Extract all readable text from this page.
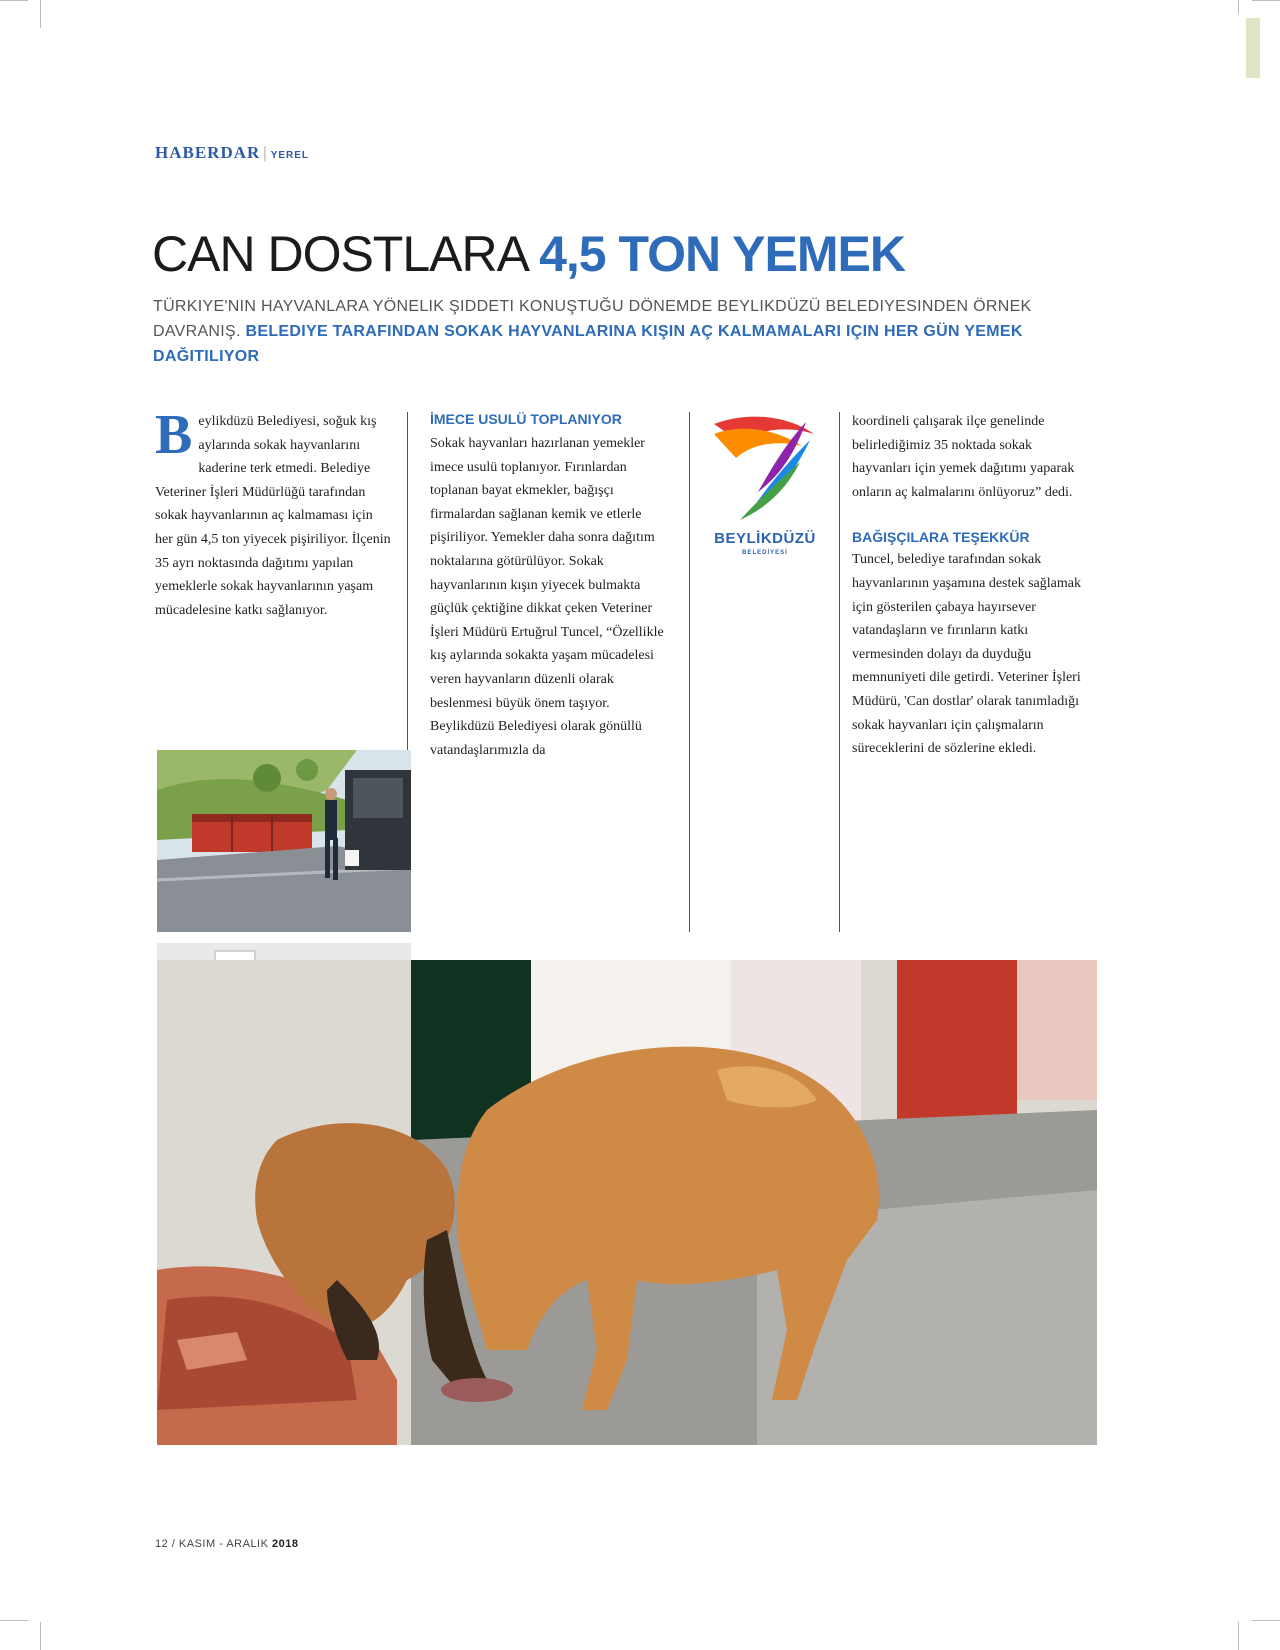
HABERDAR | YEREL
CAN DOSTLARA 4,5 TON YEMEK
TÜRKIYE'NIN HAYVANLARA YÖNELIK ŞIDDETI KONUŞTUĞU DÖNEMDE BEYLIKDÜZÜ BELEDIYESINDEN ÖRNEK DAVRANIŞ. BELEDIYE TARAFINDAN SOKAK HAYVANLARINA KIŞIN AÇ KALMAMALARI IÇIN HER GÜN YEMEK DAĞITILIYOR
Beylikdüzü Belediyesi, soğuk kış aylarında sokak hayvanlarını kaderine terk etmedi. Belediye Veteriner İşleri Müdürlüğü tarafından sokak hayvanlarının aç kalmaması için her gün 4,5 ton yiyecek pişiriliyor. İlçenin 35 ayrı noktasında dağıtımı yapılan yemeklerle sokak hayvanlarının yaşam mücadelesine katkı sağlanıyor.
İMECE USULÜ TOPLANIYOR
Sokak hayvanları hazırlanan yemekler imece usulü toplanıyor. Fırınlardan toplanan bayat ekmekler, bağışçı firmalardan sağlanan kemik ve etlerle pişiriliyor. Yemekler daha sonra dağıtım noktalarına götürülüyor. Sokak hayvanlarının kışın yiyecek bulmakta güçlük çektiğine dikkat çeken Veteriner İşleri Müdürü Ertuğrul Tuncel, “Özellikle kış aylarında sokakta yaşam mücadelesi veren hayvanların düzenli olarak beslenmesi büyük önem taşıyor. Beylikdüzü Belediyesi olarak gönüllü vatandaşlarımızla da
koordineli çalışarak ilçe genelinde belirlediğimiz 35 noktada sokak hayvanları için yemek dağıtımı yaparak onların aç kalmalarını önlüyoruz” dedi.
BAĞIŞÇILARA TEŞEKKÜR
Tuncel, belediye tarafından sokak hayvanlarının yaşamına destek sağlamak için gösterilen çabaya hayırsever vatandaşların ve fırınların katkı vermesinden dolayı da duyduğu memnuniyeti dile getirdi. Veteriner İşleri Müdürü, 'Can dostlar' olarak tanımladığı sokak hayvanları için çalışmaların süreceklerini de sözlerine ekledi.
BEYLİKDÜZÜ
BELEDİYESİ
12 / KASIM - ARALIK 2018
